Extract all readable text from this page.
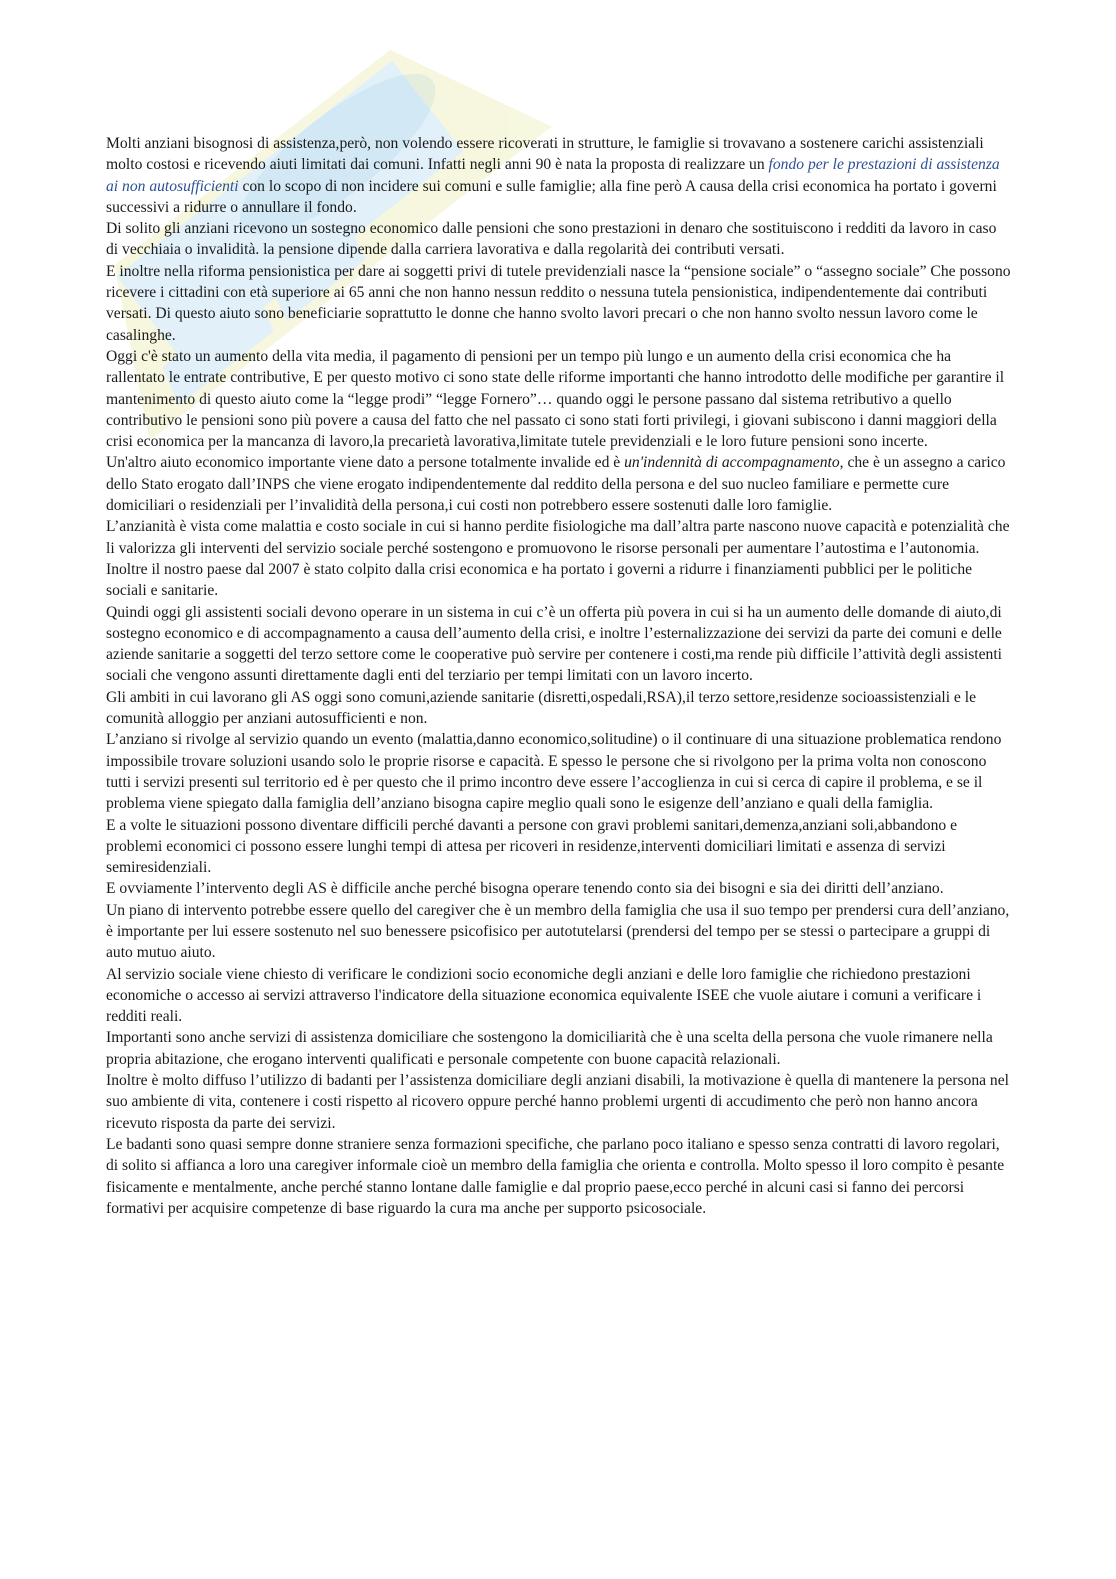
Molti anziani bisognosi di assistenza,però, non volendo essere ricoverati in strutture, le famiglie si trovavano a sostenere carichi assistenziali molto costosi e ricevendo aiuti limitati dai comuni. Infatti negli anni 90 è nata la proposta di realizzare un fondo per le prestazioni di assistenza ai non autosufficienti con lo scopo di non incidere sui comuni e sulle famiglie; alla fine però A causa della crisi economica ha portato i governi successivi a ridurre o annullare il fondo.

Di solito gli anziani ricevono un sostegno economico dalle pensioni che sono prestazioni in denaro che sostituiscono i redditi da lavoro in caso di vecchiaia o invalidità. la pensione dipende dalla carriera lavorativa e dalla regolarità dei contributi versati.

E inoltre nella riforma pensionistica per dare ai soggetti privi di tutele previdenziali nasce la “pensione sociale” o “assegno sociale” Che possono ricevere i cittadini con età superiore ai 65 anni che non hanno nessun reddito o nessuna tutela pensionistica, indipendentemente dai contributi versati. Di questo aiuto sono beneficiarie soprattutto le donne che hanno svolto lavori precari o che non hanno svolto nessun lavoro come le casalinghe.

Oggi c'è stato un aumento della vita media, il pagamento di pensioni per un tempo più lungo e un aumento della crisi economica che ha rallentato le entrate contributive, E per questo motivo ci sono state delle riforme importanti che hanno introdotto delle modifiche per garantire il mantenimento di questo aiuto come la “legge prodi” “legge Fornero”… quando oggi le persone passano dal sistema retributivo a quello contributivo le pensioni sono più povere a causa del fatto che nel passato ci sono stati forti privilegi, i giovani subiscono i danni maggiori della crisi economica per la mancanza di lavoro,la precarietà lavorativa,limitate tutele previdenziali e le loro future pensioni sono incerte.

Un'altro aiuto economico importante viene dato a persone totalmente invalide ed è un'indennità di accompagnamento, che è un assegno a carico dello Stato erogato dall’INPS che viene erogato indipendentemente dal reddito della persona e del suo nucleo familiare e permette cure domiciliari o residenziali per l’invalidità della persona,i cui costi non potrebbero essere sostenuti dalle loro famiglie.

L’anzianità è vista come malattia e costo sociale in cui si hanno perdite fisiologiche ma dall’altra parte nascono nuove capacità e potenzialità che li valorizza gli interventi del servizio sociale perché sostengono e promuovono le risorse personali per aumentare l’autostima e l’autonomia.

Inoltre il nostro paese dal 2007 è stato colpito dalla crisi economica e ha portato i governi a ridurre i finanziamenti pubblici per le politiche sociali e sanitarie.

Quindi oggi gli assistenti sociali devono operare in un sistema in cui c’è un offerta più povera in cui si ha un aumento delle domande di aiuto,di sostegno economico e di accompagnamento a causa dell’aumento della crisi, e inoltre l’esternalizzazione dei servizi da parte dei comuni e delle aziende sanitarie a soggetti del terzo settore come le cooperative può servire per contenere i costi,ma rende più difficile l’attività degli assistenti sociali che vengono assunti direttamente dagli enti del terziario per tempi limitati con un lavoro incerto.

Gli ambiti in cui lavorano gli AS oggi sono comuni,aziende sanitarie (disretti,ospedali,RSA),il terzo settore,residenze socioassistenziali e le comunità alloggio per anziani autosufficienti e non.

L’anziano si rivolge al servizio quando un evento (malattia,danno economico,solitudine) o il continuare di una situazione problematica rendono impossibile trovare soluzioni usando solo le proprie risorse e capacità. E spesso le persone che si rivolgono per la prima volta non conoscono tutti i servizi presenti sul territorio ed è per questo che il primo incontro deve essere l’accoglienza in cui si cerca di capire il problema, e se il problema viene spiegato dalla famiglia dell’anziano bisogna capire meglio quali sono le esigenze dell’anziano e quali della famiglia.

E a volte le situazioni possono diventare difficili perché davanti a persone con gravi problemi sanitari,demenza,anziani soli,abbandono e problemi economici ci possono essere lunghi tempi di attesa per ricoveri in residenze,interventi domiciliari limitati e assenza di servizi semiresidenziali.

E ovviamente l’intervento degli AS è difficile anche perché bisogna operare tenendo conto sia dei bisogni e sia dei diritti dell’anziano.

Un piano di intervento potrebbe essere quello del caregiver che è un membro della famiglia che usa il suo tempo per prendersi cura dell’anziano, è importante per lui essere sostenuto nel suo benessere psicofisico per autotutelarsi (prendersi del tempo per se stessi o partecipare a gruppi di auto mutuo aiuto.

Al servizio sociale viene chiesto di verificare le condizioni socio economiche degli anziani e delle loro famiglie che richiedono prestazioni economiche o accesso ai servizi attraverso l'indicatore della situazione economica equivalente ISEE che vuole aiutare i comuni a verificare i redditi reali.

Importanti sono anche servizi di assistenza domiciliare che sostengono la domiciliarità che è una scelta della persona che vuole rimanere nella propria abitazione, che erogano interventi qualificati e personale competente con buone capacità relazionali.

Inoltre è molto diffuso l’utilizzo di badanti per l’assistenza domiciliare degli anziani disabili, la motivazione è quella di mantenere la persona nel suo ambiente di vita, contenere i costi rispetto al ricovero oppure perché hanno problemi urgenti di accudimento che però non hanno ancora ricevuto risposta da parte dei servizi.

Le badanti sono quasi sempre donne straniere senza formazioni specifiche, che parlano poco italiano e spesso senza contratti di lavoro regolari, di solito si affianca a loro una caregiver informale cioè un membro della famiglia che orienta e controlla. Molto spesso il loro compito è pesante fisicamente e mentalmente, anche perché stanno lontane dalle famiglie e dal proprio paese,ecco perché in alcuni casi si fanno dei percorsi formativi per acquisire competenze di base riguardo la cura ma anche per supporto psicosociale.
